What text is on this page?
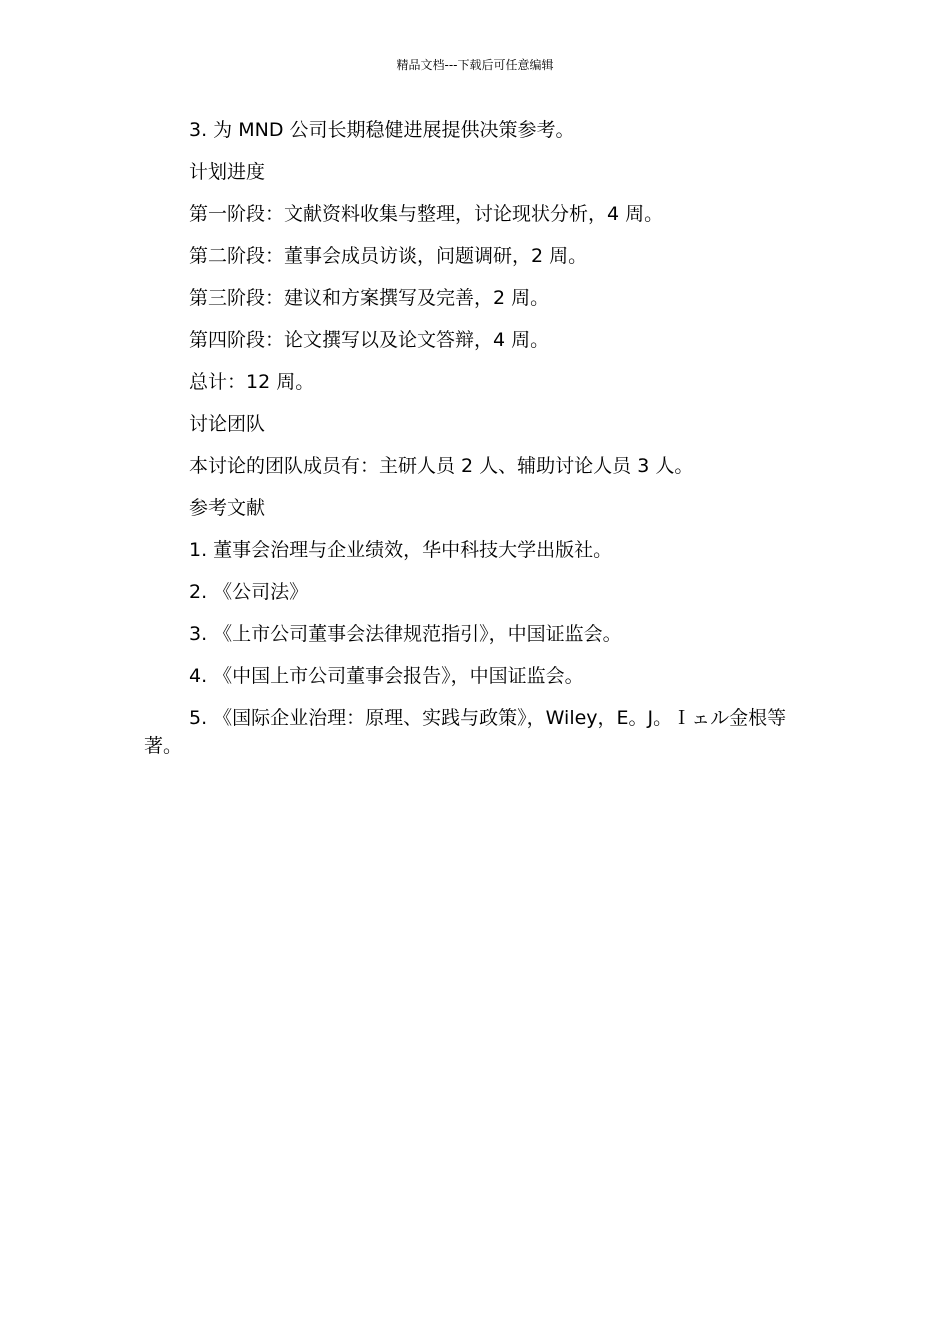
精品文档---下载后可任意编辑

3. 为 MND 公司长期稳健进展提供决策参考。

计划进度

第一阶段：文献资料收集与整理，讨论现状分析，4 周。

第二阶段：董事会成员访谈，问题调研，2 周。

第三阶段：建议和方案撰写及完善，2 周。

第四阶段：论文撰写以及论文答辩，4 周。

总计：12 周。

讨论团队

本讨论的团队成员有：主研人员 2 人、辅助讨论人员 3 人。

参考文献

1. 董事会治理与企业绩效，华中科技大学出版社。

2. 《公司法》

3. 《上市公司董事会法律规范指引》，中国证监会。

4. 《中国上市公司董事会报告》，中国证监会。

5. 《国际企业治理：原理、实践与政策》，Wiley，E。J。Ｉェル金根等著。
